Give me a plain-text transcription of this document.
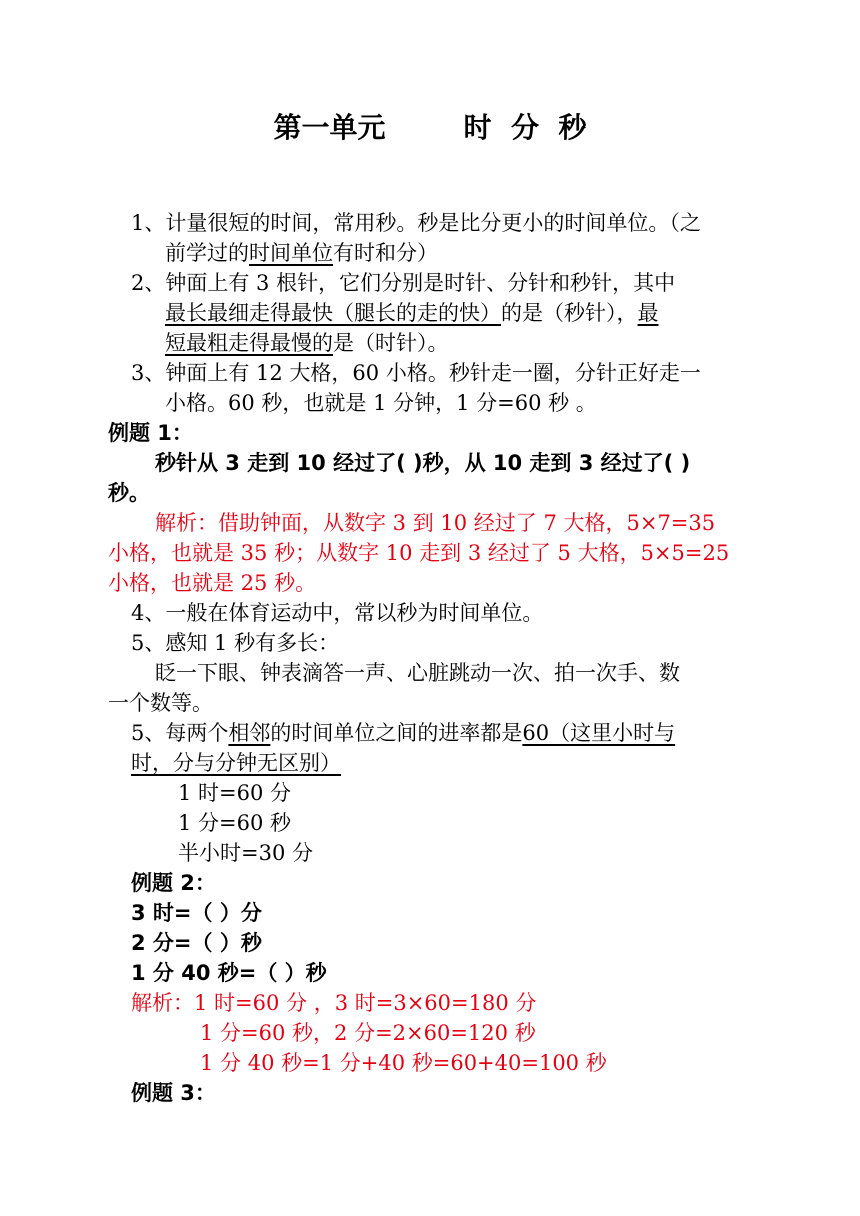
第一单元        时  分  秒
1、计量很短的时间，常用秒。秒是比分更小的时间单位。（之
前学过的时间单位有时和分）
2、钟面上有 3 根针，它们分别是时针、分针和秒针，其中
最长最细走得最快（腿长的走的快）的是（秒针），最
短最粗走得最慢的是（时针）。
3、钟面上有 12 大格，60 小格。秒针走一圈，分针正好走一
小格。60 秒，也就是 1 分钟，1 分=60 秒 。
例题 1：
秒针从 3 走到 10 经过了( )秒，从 10 走到 3 经过了( )
秒。
解析：借助钟面，从数字 3 到 10 经过了 7 大格，5×7=35
小格，也就是 35 秒；从数字 10 走到 3 经过了 5 大格，5×5=25
小格，也就是 25 秒。
4、一般在体育运动中，常以秒为时间单位。
5、感知 1 秒有多长：
眨一下眼、钟表滴答一声、心脏跳动一次、拍一次手、数
一个数等。
5、每两个相邻的时间单位之间的进率都是60（这里小时与
时，分与分钟无区别）
1 时=60 分
1 分=60 秒
半小时=30 分
例题 2：
3 时=（ ）分
2 分=（ ）秒
1 分 40 秒=（ ）秒
解析：1 时=60 分 ，3 时=3×60=180 分
1 分=60 秒，2 分=2×60=120 秒
1 分 40 秒=1 分+40 秒=60+40=100 秒
例题 3：
